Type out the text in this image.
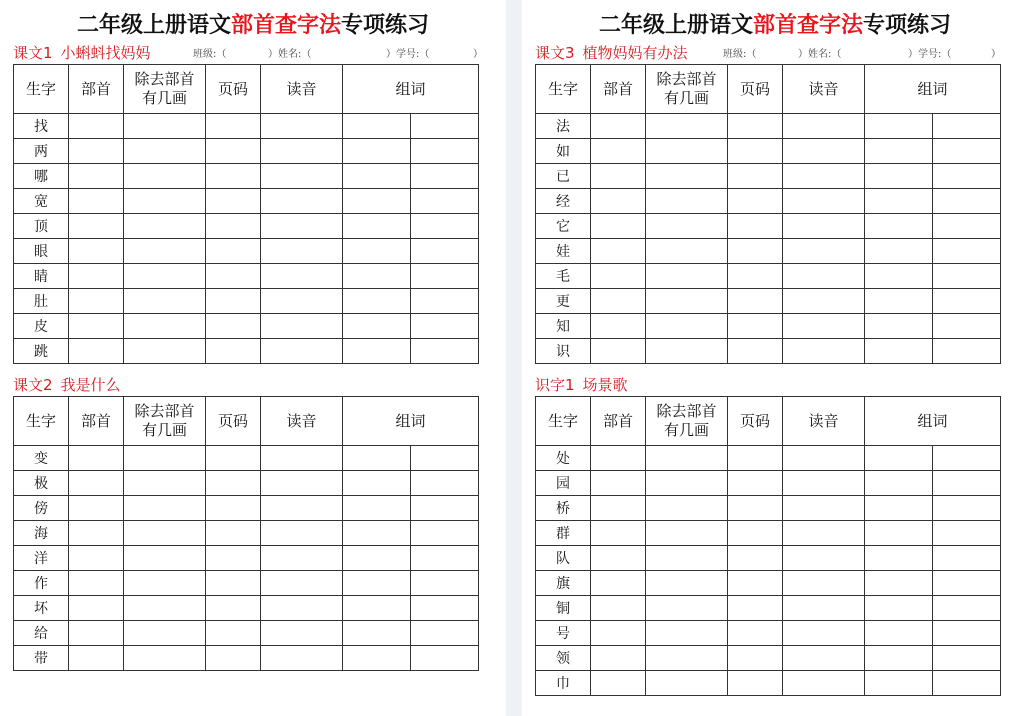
二年级上册语文部首查字法专项练习
课文1 小蝌蚪找妈妈	班级:（	）姓名:（	）学号:（	）
生字	部首	除去部首
有几画	页码	读音	组词	
找						
两						
哪						
宽						
顶						
眼						
睛						
肚						
皮						
跳						
课文2 我是什么
生字	部首	除去部首
有几画	页码	读音	组词	
变						
极						
傍						
海						
洋						
作						
坏						
给						
带						
二年级上册语文部首查字法专项练习
课文3 植物妈妈有办法	班级:（	）姓名:（	）学号:（	）
生字	部首	除去部首
有几画	页码	读音	组词	
法						
如						
已						
经						
它						
娃						
毛						
更						
知						
识						
识字1 场景歌
生字	部首	除去部首
有几画	页码	读音	组词	
处						
园						
桥						
群						
队						
旗						
铜						
号						
领						
巾						
